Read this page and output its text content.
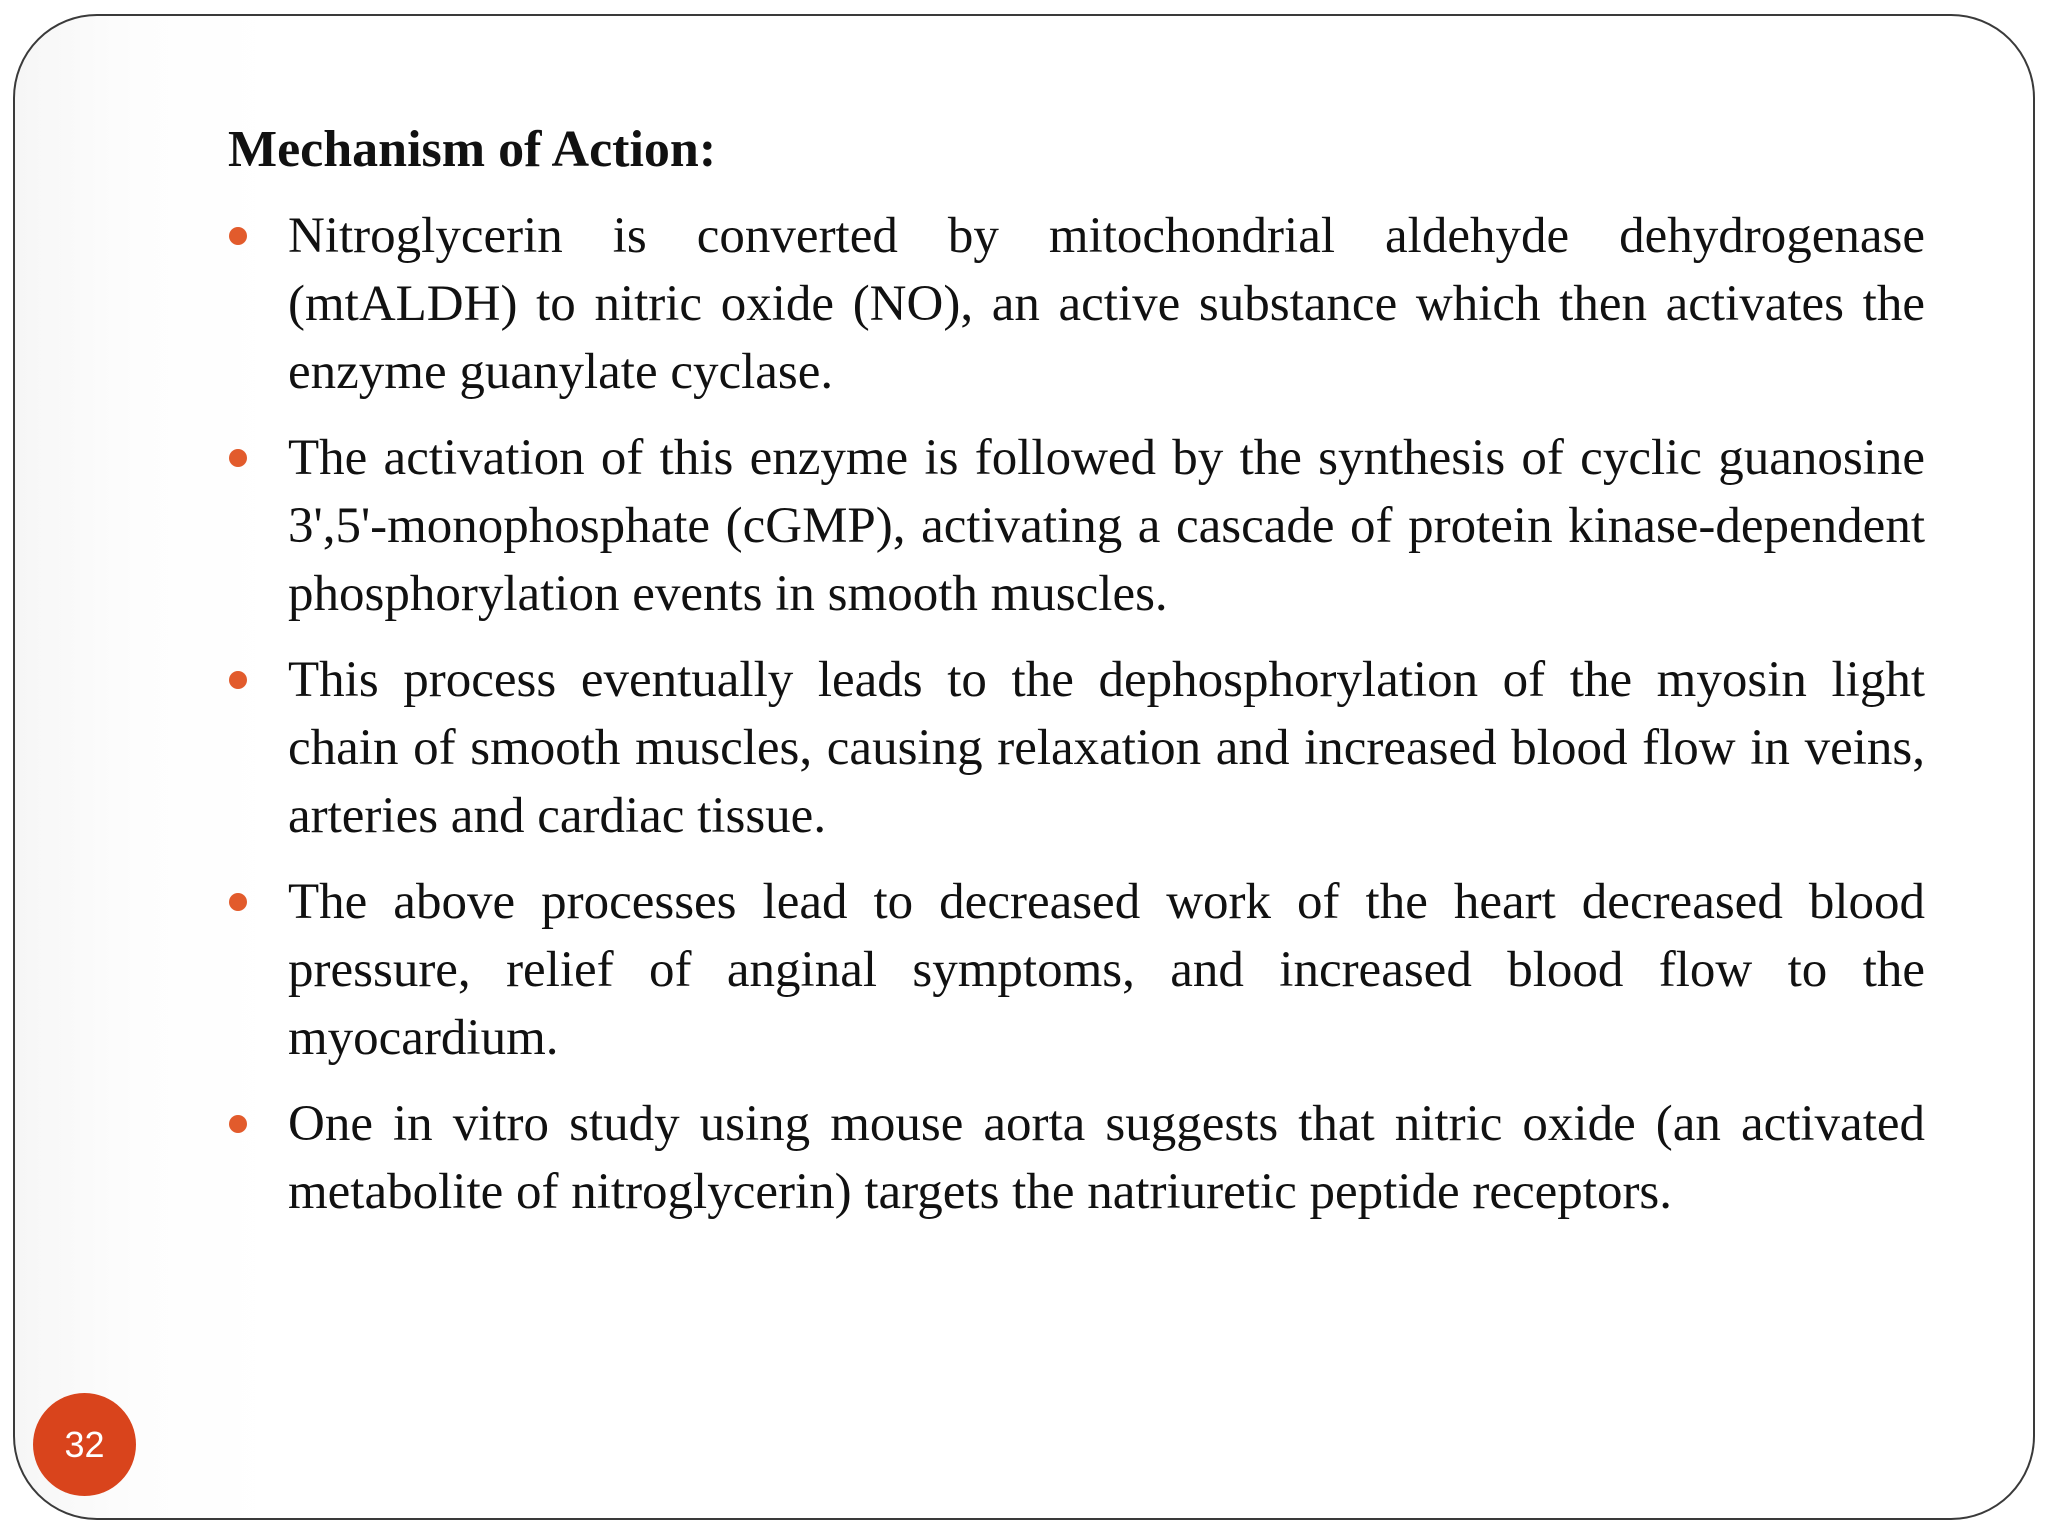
Mechanism of Action:
Nitroglycerin is converted by mitochondrial aldehyde dehydrogenase (mtALDH) to nitric oxide (NO), an active substance which then activates the enzyme guanylate cyclase.
The activation of this enzyme is followed by the synthesis of cyclic guanosine 3',5'-monophosphate (cGMP), activating a cascade of protein kinase-dependent phosphorylation events in smooth muscles.
This process eventually leads to the dephosphorylation of the myosin light chain of smooth muscles, causing relaxation and increased blood flow in veins, arteries and cardiac tissue.
The above processes lead to decreased work of the heart decreased blood pressure, relief of anginal symptoms, and increased blood flow to the myocardium.
One in vitro study using mouse aorta suggests that nitric oxide (an activated metabolite of nitroglycerin) targets the natriuretic peptide receptors.
32
